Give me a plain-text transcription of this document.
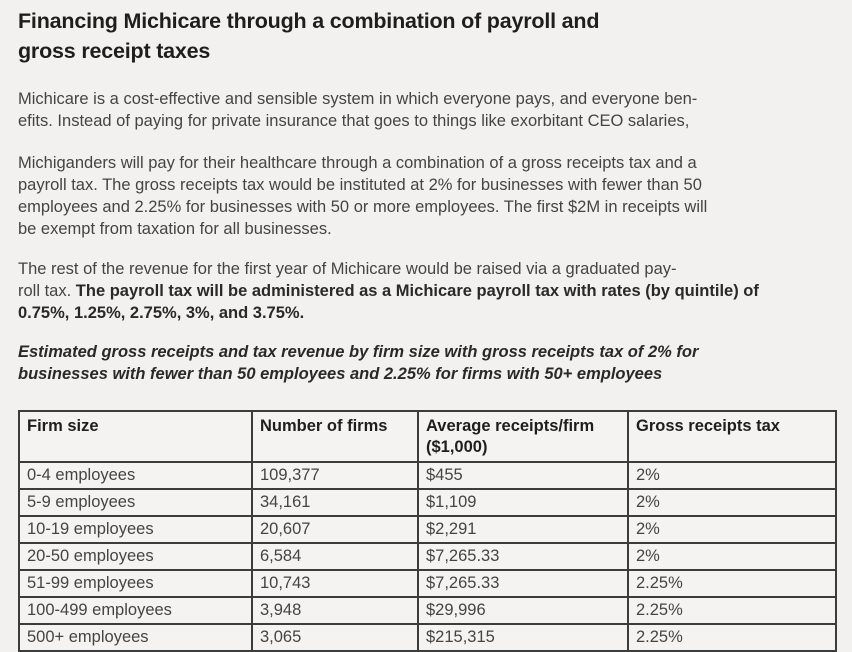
Financing Michicare through a combination of payroll and
gross receipt taxes

Michicare is a cost-effective and sensible system in which everyone pays, and everyone ben-
efits. Instead of paying for private insurance that goes to things like exorbitant CEO salaries,

Michiganders will pay for their healthcare through a combination of a gross receipts tax and a
payroll tax. The gross receipts tax would be instituted at 2% for businesses with fewer than 50
employees and 2.25% for businesses with 50 or more employees. The first $2M in receipts will
be exempt from taxation for all businesses.

The rest of the revenue for the first year of Michicare would be raised via a graduated pay-
roll tax. The payroll tax will be administered as a Michicare payroll tax with rates (by quintile) of
0.75%, 1.25%, 2.75%, 3%, and 3.75%.

Estimated gross receipts and tax revenue by firm size with gross receipts tax of 2% for
businesses with fewer than 50 employees and 2.25% for firms with 50+ employees

Firm size	Number of firms	Average receipts/firm ($1,000)	Gross receipts tax
0-4 employees	109,377	$455	2%
5-9 employees	34,161	$1,109	2%
10-19 employees	20,607	$2,291	2%
20-50 employees	6,584	$7,265.33	2%
51-99 employees	10,743	$7,265.33	2.25%
100-499 employees	3,948	$29,996	2.25%
500+ employees	3,065	$215,315	2.25%
